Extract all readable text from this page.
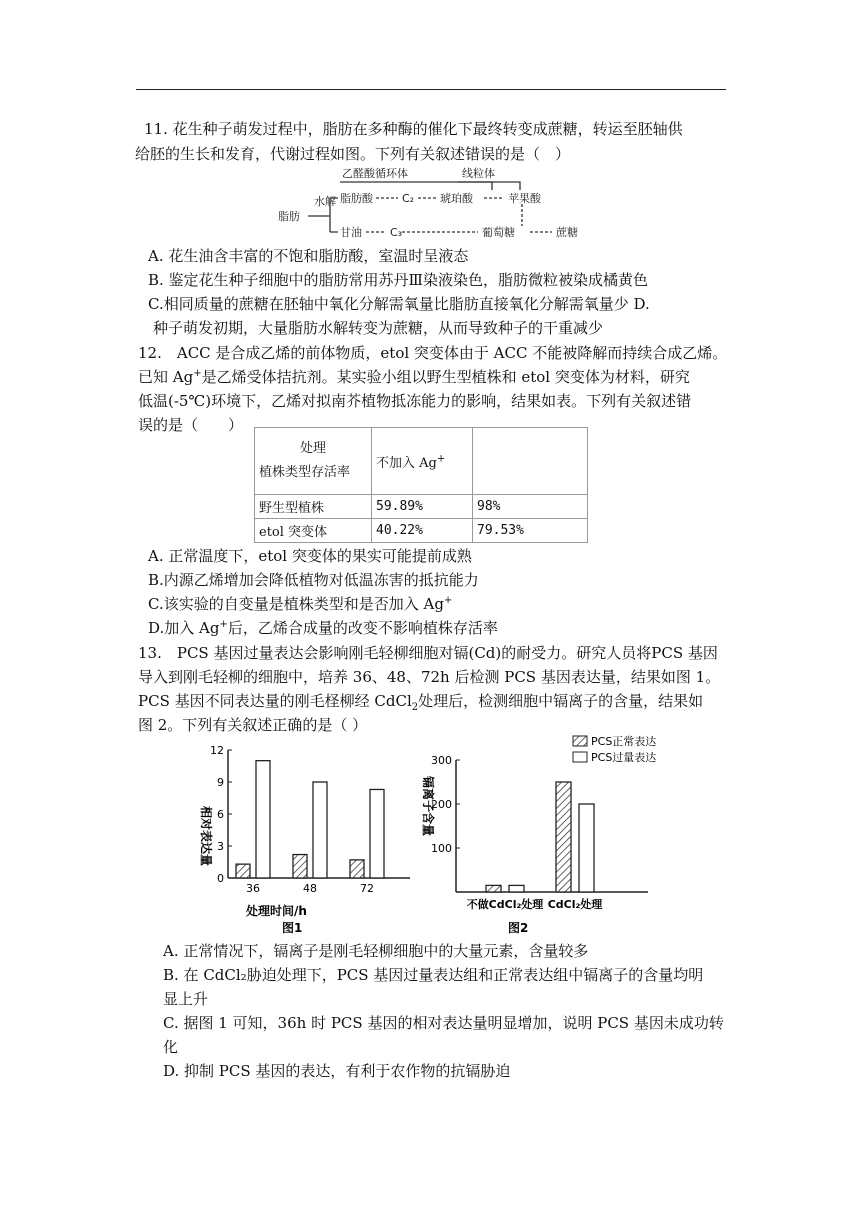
11. 花生种子萌发过程中，脂肪在多种酶的催化下最终转变成蔗糖，转运至胚轴供
给胚的生长和发育，代谢过程如图。下列有关叙述错误的是（　）
乙醛酸循环体	线粒体
脂肪
水解 脂肪酸	C₂ 琥珀酸	苹果酸
甘油	C₃	葡萄糖	蔗糖
A. 花生油含丰富的不饱和脂肪酸，室温时呈液态
B. 鉴定花生种子细胞中的脂肪常用苏丹Ⅲ染液染色，脂肪微粒被染成橘黄色
C.相同质量的蔗糖在胚轴中氧化分解需氧量比脂肪直接氧化分解需氧量少 D.
种子萌发初期，大量脂肪水解转变为蔗糖，从而导致种子的干重减少
12.　ACC 是合成乙烯的前体物质，etol 突变体由于 ACC 不能被降解而持续合成乙烯。
已知 Ag+是乙烯受体拮抗剂。某实验小组以野生型植株和 etol 突变体为材料，研究
低温(-5℃)环境下，乙烯对拟南芥植物抵冻能力的影响，结果如表。下列有关叙述错
误的是（　　）
处理
植株类型存活率	不加入 Ag+	
野生型植株	59.89%	98%
etol 突变体	40.22%	79.53%
A. 正常温度下，etol 突变体的果实可能提前成熟
B.内源乙烯增加会降低植物对低温冻害的抵抗能力
C.该实验的自变量是植株类型和是否加入 Ag+
D.加入 Ag+后，乙烯合成量的改变不影响植株存活率
13.　PCS 基因过量表达会影响刚毛轻柳细胞对镉(Cd)的耐受力。研究人员将PCS 基因
导入到刚毛轻柳的细胞中，培养 36、48、72h 后检测 PCS 基因表达量，结果如图 1。
PCS 基因不同表达量的刚毛柽柳经 CdCl$_2$处理后，检测细胞中镉离子的含量，结果如
图 2。下列有关叙述正确的是（ ）
相对表达量
0
3
6
9
12
36	48	72
处理时间/h
图1
镉离子含量
100
200
300
不做CdCl₂处理 CdCl₂处理
PCS正常表达
PCS过量表达
图2
A. 正常情况下，镉离子是刚毛轻柳细胞中的大量元素，含量较多
B. 在 CdCl₂胁迫处理下，PCS 基因过量表达组和正常表达组中镉离子的含量均明
显上升
C. 据图 1 可知，36h 时 PCS 基因的相对表达量明显增加，说明 PCS 基因未成功转
化
D. 抑制 PCS 基因的表达，有利于农作物的抗镉胁迫
